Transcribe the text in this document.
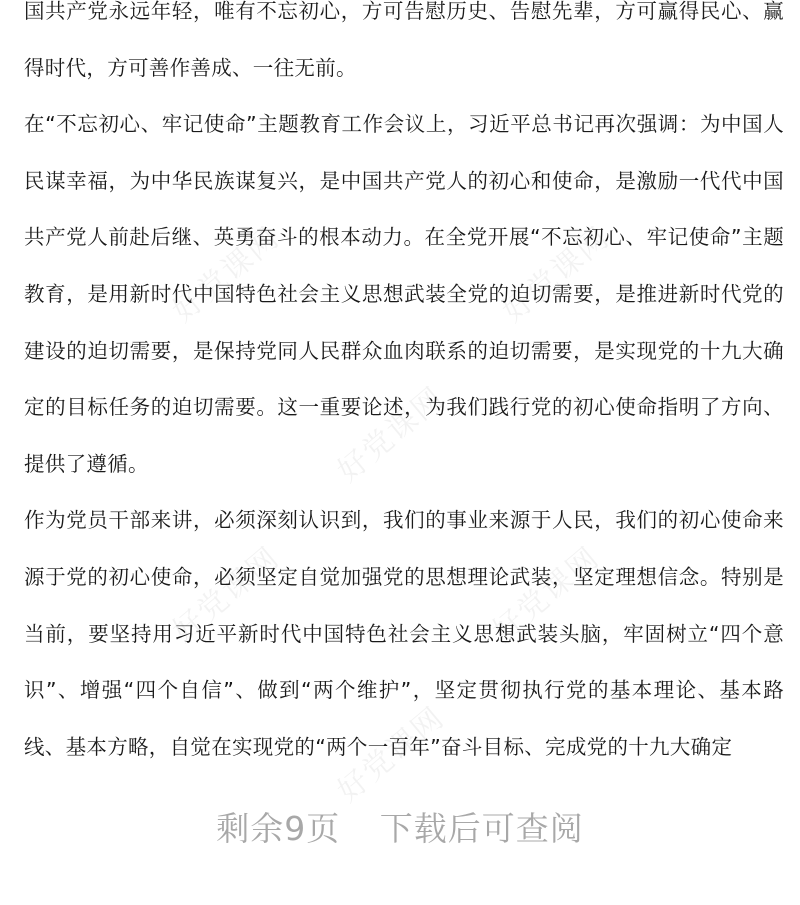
好党课网	好党课网
好党课网
好党课网	好党课网
好党课网

国共产党永远年轻，唯有不忘初心，方可告慰历史、告慰先辈，方可赢得民心、赢得时代，方可善作善成、一往无前。

在“不忘初心、牢记使命”主题教育工作会议上，习近平总书记再次强调：为中国人民谋幸福，为中华民族谋复兴，是中国共产党人的初心和使命，是激励一代代中国共产党人前赴后继、英勇奋斗的根本动力。在全党开展“不忘初心、牢记使命”主题教育，是用新时代中国特色社会主义思想武装全党的迫切需要，是推进新时代党的建设的迫切需要，是保持党同人民群众血肉联系的迫切需要，是实现党的十九大确定的目标任务的迫切需要。这一重要论述，为我们践行党的初心使命指明了方向、提供了遵循。

作为党员干部来讲，必须深刻认识到，我们的事业来源于人民，我们的初心使命来源于党的初心使命，必须坚定自觉加强党的思想理论武装，坚定理想信念。特别是当前，要坚持用习近平新时代中国特色社会主义思想武装头脑，牢固树立“四个意识”、增强“四个自信”、做到“两个维护”，坚定贯彻执行党的基本理论、基本路线、基本方略，自觉在实现党的“两个一百年”奋斗目标、完成党的十九大确定

剩余9页 下载后可查阅
